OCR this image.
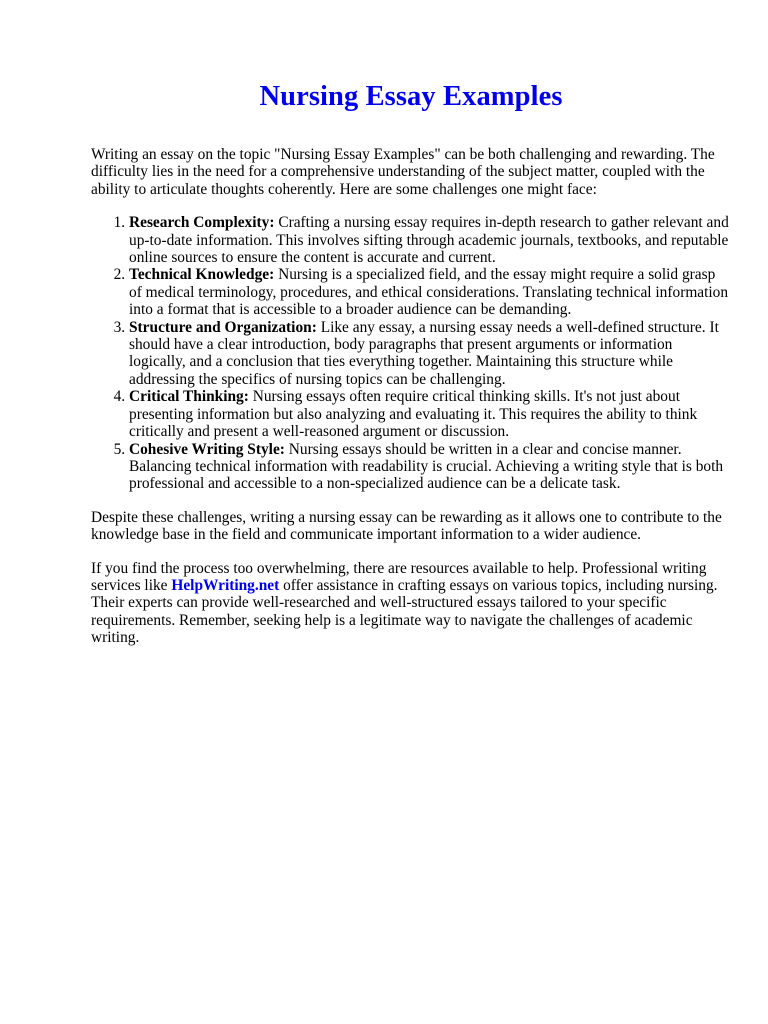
Nursing Essay Examples

Writing an essay on the topic "Nursing Essay Examples" can be both challenging and rewarding. The difficulty lies in the need for a comprehensive understanding of the subject matter, coupled with the ability to articulate thoughts coherently. Here are some challenges one might face:

1. Research Complexity: Crafting a nursing essay requires in-depth research to gather relevant and up-to-date information. This involves sifting through academic journals, textbooks, and reputable online sources to ensure the content is accurate and current.
2. Technical Knowledge: Nursing is a specialized field, and the essay might require a solid grasp of medical terminology, procedures, and ethical considerations. Translating technical information into a format that is accessible to a broader audience can be demanding.
3. Structure and Organization: Like any essay, a nursing essay needs a well-defined structure. It should have a clear introduction, body paragraphs that present arguments or information logically, and a conclusion that ties everything together. Maintaining this structure while addressing the specifics of nursing topics can be challenging.
4. Critical Thinking: Nursing essays often require critical thinking skills. It's not just about presenting information but also analyzing and evaluating it. This requires the ability to think critically and present a well-reasoned argument or discussion.
5. Cohesive Writing Style: Nursing essays should be written in a clear and concise manner. Balancing technical information with readability is crucial. Achieving a writing style that is both professional and accessible to a non-specialized audience can be a delicate task.

Despite these challenges, writing a nursing essay can be rewarding as it allows one to contribute to the knowledge base in the field and communicate important information to a wider audience.

If you find the process too overwhelming, there are resources available to help. Professional writing services like HelpWriting.net offer assistance in crafting essays on various topics, including nursing. Their experts can provide well-researched and well-structured essays tailored to your specific requirements. Remember, seeking help is a legitimate way to navigate the challenges of academic writing.
